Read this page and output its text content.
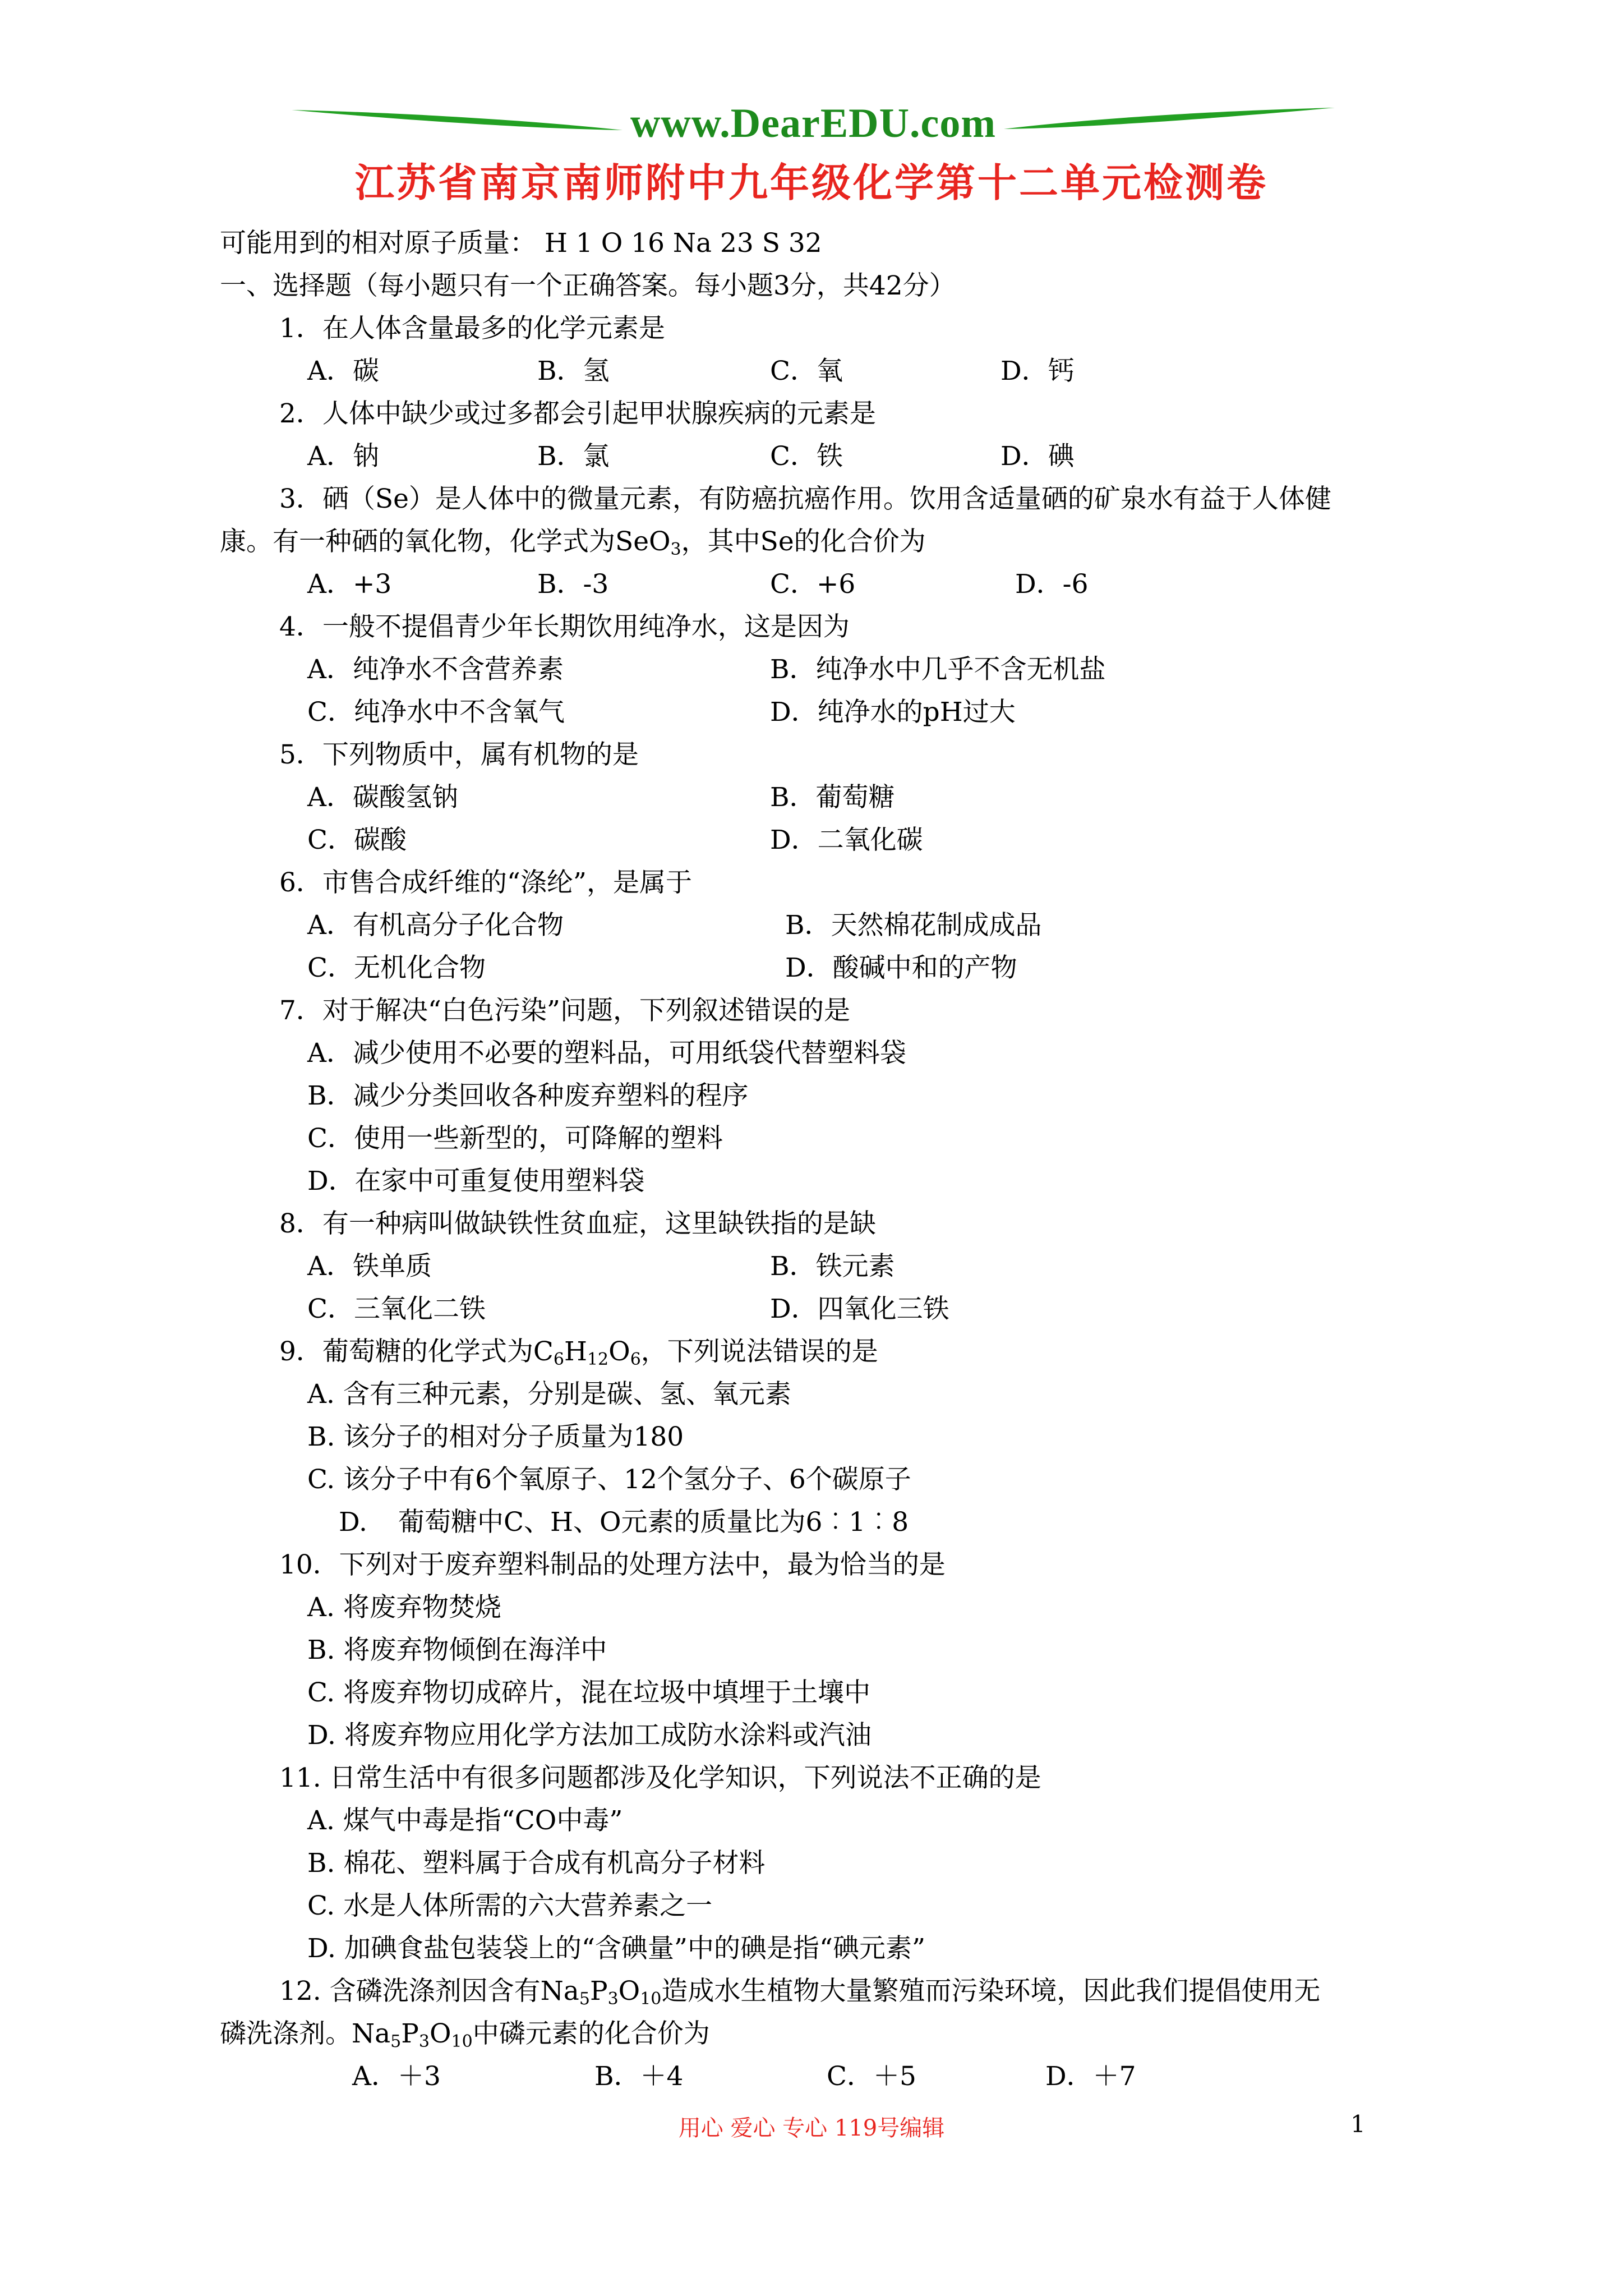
www.DearEDU.com
江苏省南京南师附中九年级化学第十二单元检测卷
可能用到的相对原子质量： H 1 O 16 Na 23 S 32
一、选择题（每小题只有一个正确答案。每小题3分，共42分）
1．在人体含量最多的化学元素是
A．碳	B．氢	C．氧	D．钙
2．人体中缺少或过多都会引起甲状腺疾病的元素是
A．钠	B．氯	C．铁	D．碘
3．硒（Se）是人体中的微量元素，有防癌抗癌作用。饮用含适量硒的矿泉水有益于人体健
康。有一种硒的氧化物，化学式为SeO$_3$，其中Se的化合价为
A．+3	B．-3	C．+6	D．-6
4．一般不提倡青少年长期饮用纯净水，这是因为
A．纯净水不含营养素	B．纯净水中几乎不含无机盐
C．纯净水中不含氧气	D．纯净水的pH过大
5．下列物质中，属有机物的是
A．碳酸氢钠	B．葡萄糖
C．碳酸	D．二氧化碳
6．市售合成纤维的“涤纶”，是属于
A．有机高分子化合物	B．天然棉花制成成品
C．无机化合物	D．酸碱中和的产物
7．对于解决“白色污染”问题，下列叙述错误的是
A．减少使用不必要的塑料品，可用纸袋代替塑料袋
B．减少分类回收各种废弃塑料的程序
C．使用一些新型的，可降解的塑料
D．在家中可重复使用塑料袋
8．有一种病叫做缺铁性贫血症，这里缺铁指的是缺
A．铁单质	B．铁元素
C．三氧化二铁	D．四氧化三铁
9．葡萄糖的化学式为$C_6H_{12}O_6$，下列说法错误的是
A. 含有三种元素，分别是碳、氢、氧元素
B. 该分子的相对分子质量为180
C. 该分子中有6个氧原子、12个氢分子、6个碳原子
D. 葡萄糖中C、H、O元素的质量比为6︰1︰8
10．下列对于废弃塑料制品的处理方法中，最为恰当的是
A. 将废弃物焚烧
B. 将废弃物倾倒在海洋中
C. 将废弃物切成碎片，混在垃圾中填埋于土壤中
D. 将废弃物应用化学方法加工成防水涂料或汽油
11. 日常生活中有很多问题都涉及化学知识，下列说法不正确的是
A. 煤气中毒是指“CO中毒”
B. 棉花、塑料属于合成有机高分子材料
C. 水是人体所需的六大营养素之一
D. 加碘食盐包装袋上的“含碘量”中的碘是指“碘元素”
12. 含磷洗涤剂因含有$Na_5P_3O_{10}$造成水生植物大量繁殖而污染环境，因此我们提倡使用无
磷洗涤剂。$Na_5P_3O_{10}$中磷元素的化合价为
A．＋3	B．＋4	C．＋5	D．＋7
用心 爱心 专心 119号编辑	1
